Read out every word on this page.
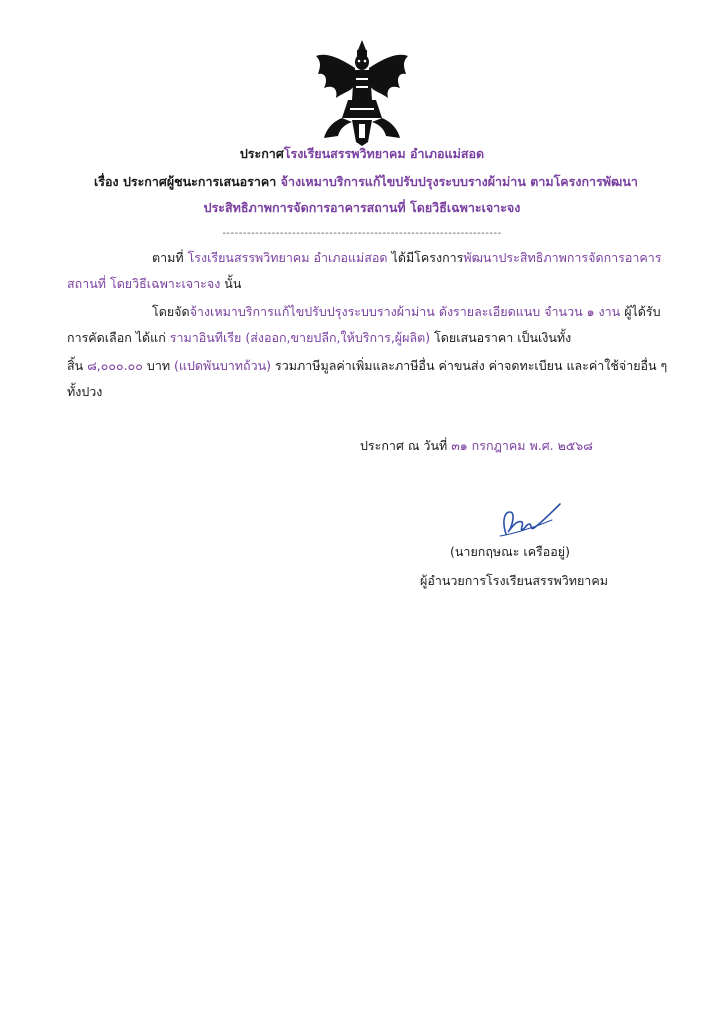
ประกาศโรงเรียนสรรพวิทยาคม อำเภอแม่สอด
เรื่อง ประกาศผู้ชนะการเสนอราคา จ้างเหมาบริการแก้ไขปรับปรุงระบบรางผ้าม่าน ตามโครงการพัฒนา
ประสิทธิภาพการจัดการอาคารสถานที่ โดยวิธีเฉพาะเจาะจง
--------------------------------------------------------------------
ตามที่ โรงเรียนสรรพวิทยาคม อำเภอแม่สอด ได้มีโครงการพัฒนาประสิทธิภาพการจัดการอาคาร
สถานที่ โดยวิธีเฉพาะเจาะจง นั้น
โดยจัดจ้างเหมาบริการแก้ไขปรับปรุงระบบรางผ้าม่าน ดังรายละเอียดแนบ จำนวน ๑ งาน ผู้ได้รับ
การคัดเลือก ได้แก่ รามาอินทีเรีย (ส่งออก,ขายปลีก,ให้บริการ,ผู้ผลิต) โดยเสนอราคา เป็นเงินทั้ง
สิ้น ๘,๐๐๐.๐๐ บาท (แปดพันบาทถ้วน) รวมภาษีมูลค่าเพิ่มและภาษีอื่น ค่าขนส่ง ค่าจดทะเบียน และค่าใช้จ่ายอื่น ๆ
ทั้งปวง
ประกาศ ณ วันที่ ๓๑ กรกฎาคม พ.ศ. ๒๕๖๘
(นายกฤษณะ เครืออยู่)
ผู้อำนวยการโรงเรียนสรรพวิทยาคม
